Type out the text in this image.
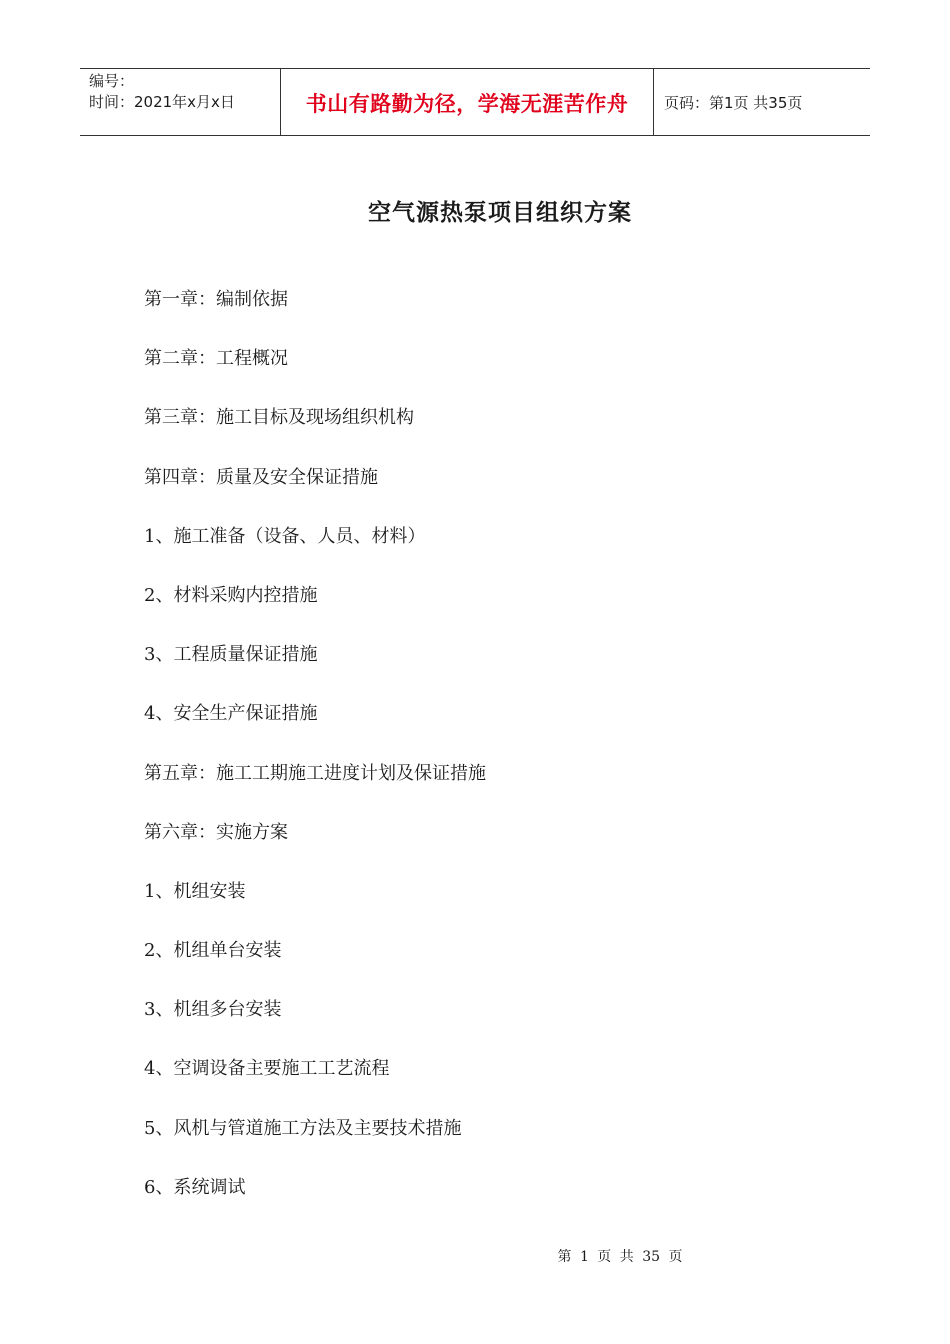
编号：
时间：2021年x月x日	书山有路勤为径，学海无涯苦作舟 页码：第1页 共35页
空气源热泵项目组织方案
第一章：编制依据
第二章：工程概况
第三章：施工目标及现场组织机构
第四章：质量及安全保证措施
1、施工准备（设备、人员、材料）
2、材料采购内控措施
3、工程质量保证措施
4、安全生产保证措施
第五章：施工工期施工进度计划及保证措施
第六章：实施方案
1、机组安装
2、机组单台安装
3、机组多台安装
4、空调设备主要施工工艺流程
5、风机与管道施工方法及主要技术措施
6、系统调试
第 1 页 共 35 页
